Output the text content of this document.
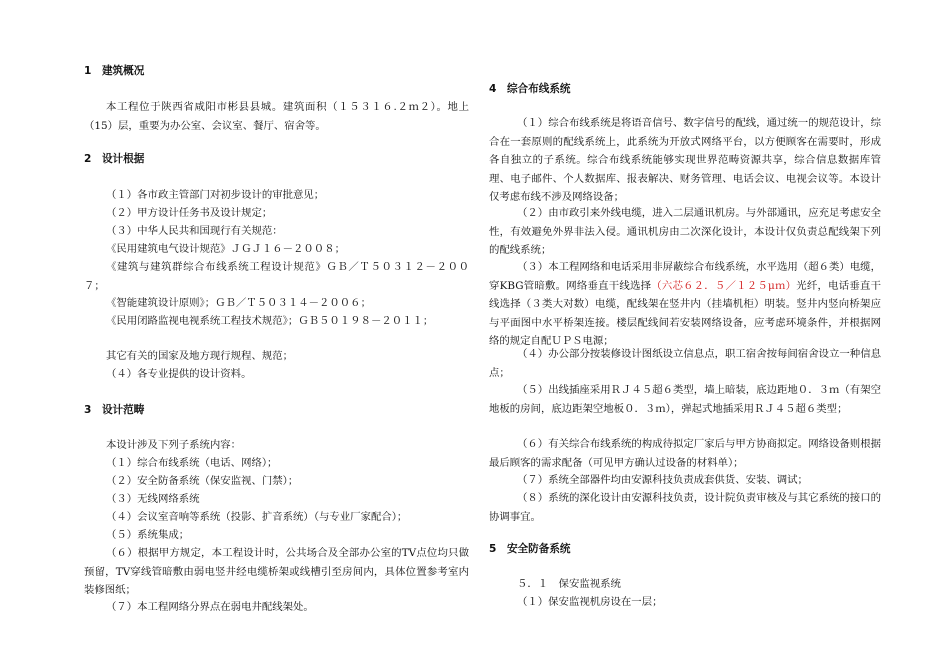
1　建筑概况
本工程位于陕西省咸阳市彬县县城。建筑面积（１５３１６.２ｍ２）。地上（15）层，重要为办公室、会议室、餐厅、宿舍等。
2　设计根据
（１）各市政主管部门对初步设计的审批意见；
（２）甲方设计任务书及设计规定；
（３）中华人民共和国现行有关规范：
《民用建筑电气设计规范》ＪＧＪ１６－２００８；
《建筑与建筑群综合布线系统工程设计规范》ＧＢ／Ｔ５０３１２－２００７；
《智能建筑设计原则》；ＧＢ／Ｔ５０３１４－２００６；
《民用闭路监视电视系统工程技术规范》；ＧＢ５０１９８－２０１１；
其它有关的国家及地方现行规程、规范；
（４）各专业提供的设计资料。
3　设计范畴
本设计涉及下列子系统内容：
（１）综合布线系统（电话、网络）；
（２）安全防备系统（保安监视、门禁）；
（３）无线网络系统
（４）会议室音响等系统（投影、扩音系统）（与专业厂家配合）；
（５）系统集成；
（６）根据甲方规定，本工程设计时，公共场合及全部办公室的TV点位均只做预留，TV穿线管暗敷由弱电竖井经电缆桥架或线槽引至房间内，具体位置参考室内装修图纸；
（７）本工程网络分界点在弱电井配线架处。
4　综合布线系统
（１）综合布线系统是将语音信号、数字信号的配线，通过统一的规范设计，综合在一套原则的配线系统上，此系统为开放式网络平台，以方便顾客在需要时，形成各自独立的子系统。综合布线系统能够实现世界范畴资源共享，综合信息数据库管理、电子邮件、个人数据库、报表解决、财务管理、电话会议、电视会议等。本设计仅考虑布线不涉及网络设备；
（２）由市政引来外线电缆，进入二层通讯机房。与外部通讯，应充足考虑安全性，有效避免外界非法入侵。通讯机房由二次深化设计，本设计仅负责总配线架下列的配线系统；
（３）本工程网络和电话采用非屏蔽综合布线系统，水平选用（超６类）电缆，穿KBG管暗敷。网络垂直干线选择（六芯６２．５／１２５μｍ）光纤，电话垂直干线选择（３类大对数）电缆，配线架在竖井内（挂墙机柜）明装。竖井内竖向桥架应与平面图中水平桥架连接。楼层配线间若安装网络设备，应考虑环境条件，并根据网络的规定自配ＵＰＳ电源；
（４）办公部分按装修设计图纸设立信息点，职工宿舍按每间宿舍设立一种信息点；
（５）出线插座采用ＲＪ４５超６类型，墙上暗装，底边距地０．３ｍ（有架空地板的房间，底边距架空地板０．３ｍ），弹起式地插采用ＲＪ４５超６类型；
（６）有关综合布线系统的构成待拟定厂家后与甲方协商拟定。网络设备则根据最后顾客的需求配备（可见甲方确认过设备的材料单）；
（７）系统全部器件均由安源科技负责成套供货、安装、调试；
（８）系统的深化设计由安源科技负责，设计院负责审核及与其它系统的接口的协调事宜。
5　安全防备系统
５．１　保安监视系统
（１）保安监视机房设在一层；
